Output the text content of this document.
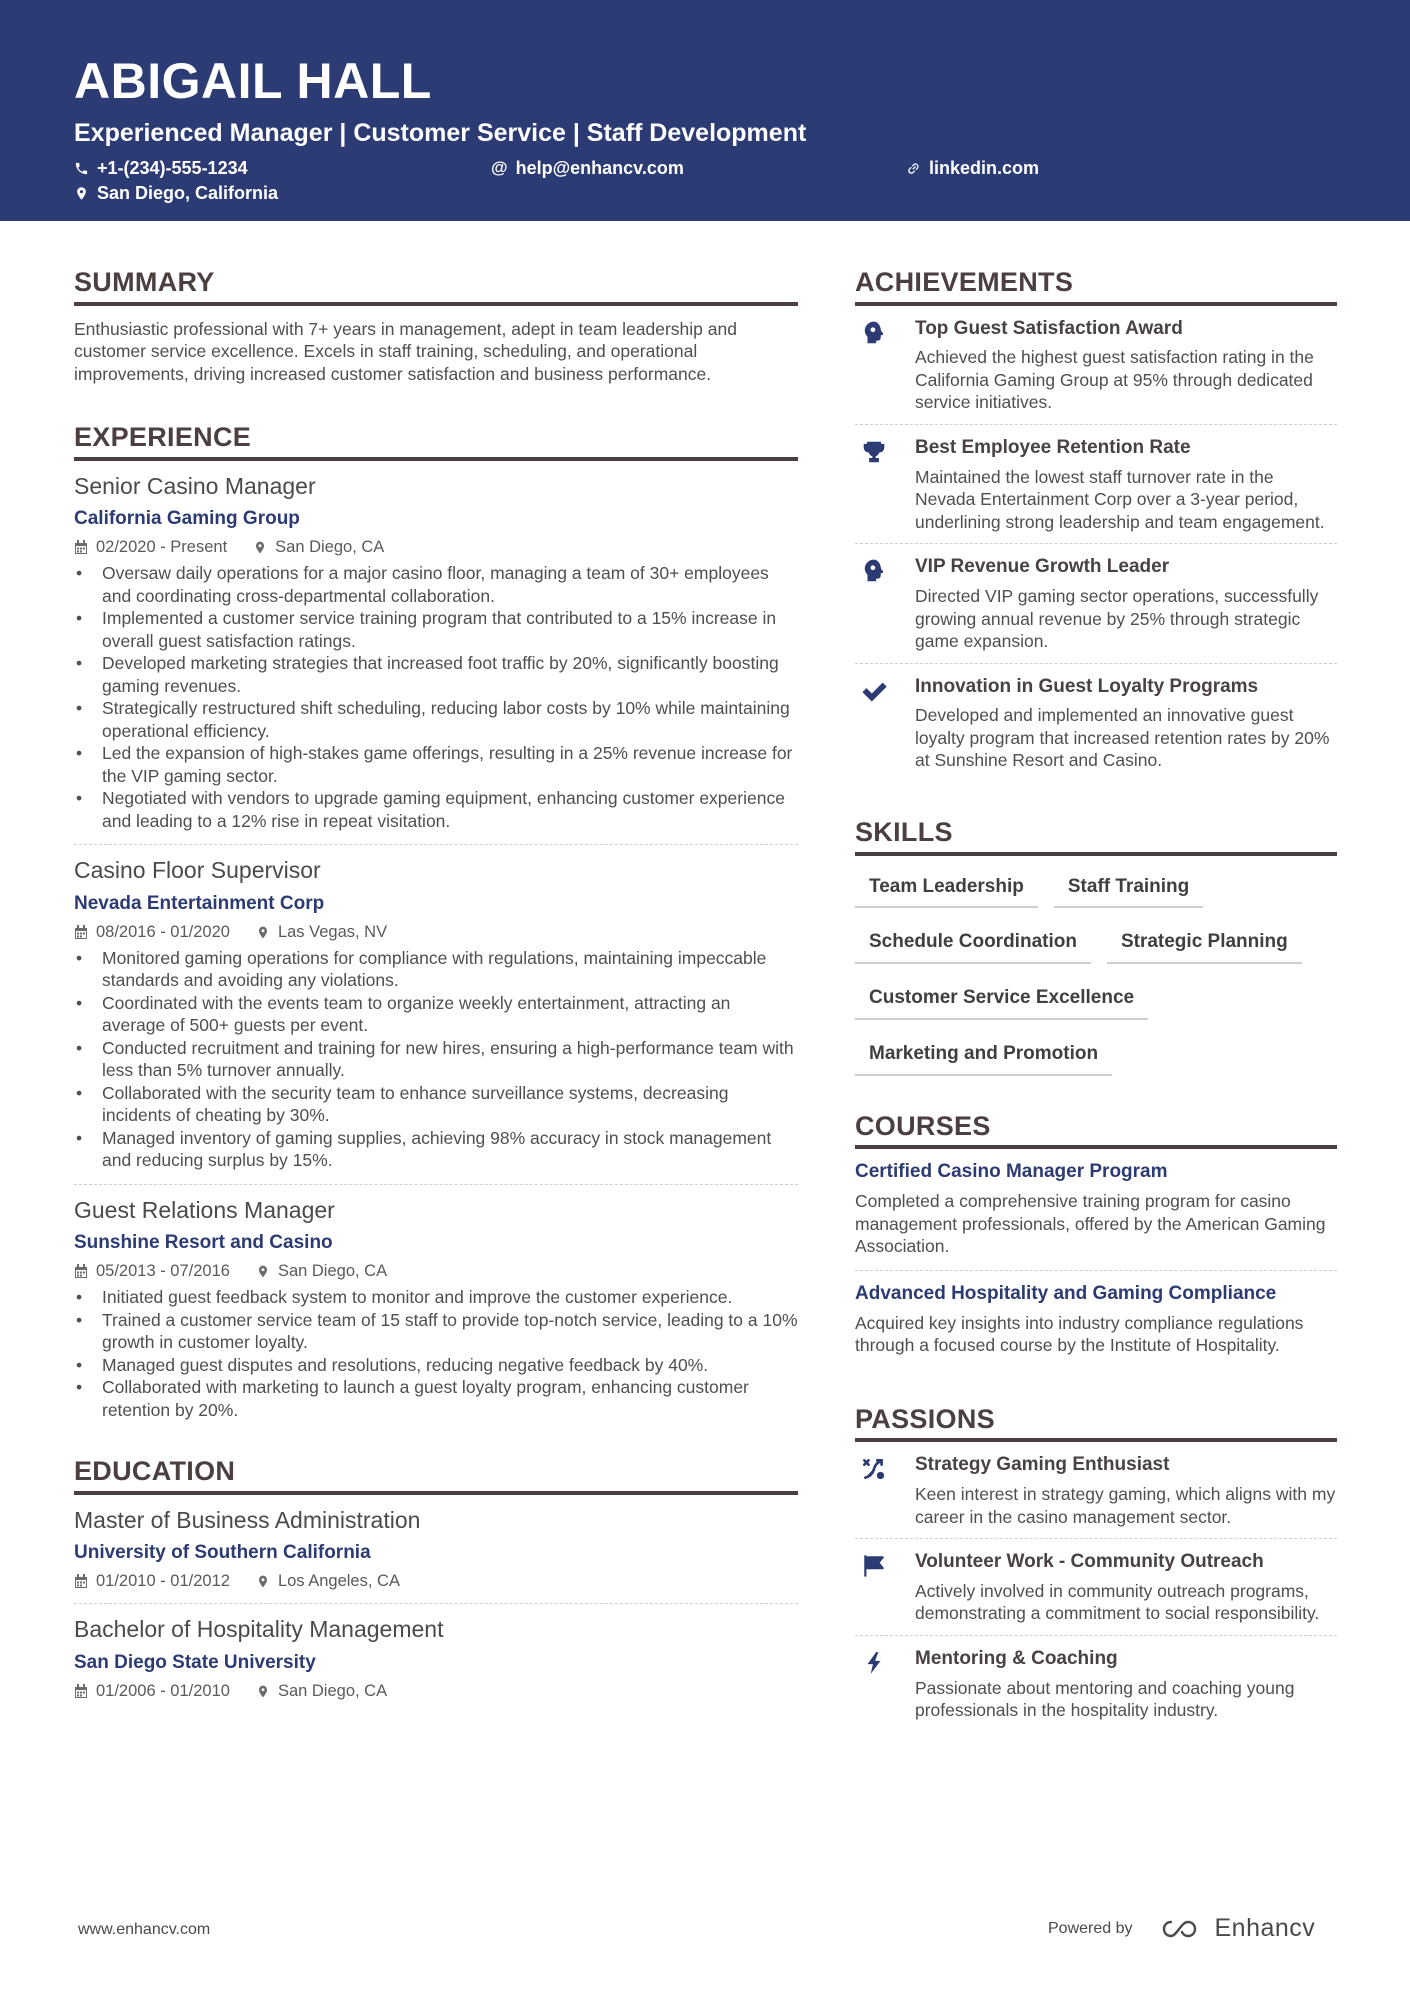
ABIGAIL HALL
Experienced Manager | Customer Service | Staff Development
+1-(234)-555-1234	@ help@enhancv.com	linkedin.com
San Diego, California
SUMMARY
Enthusiastic professional with 7+ years in management, adept in team leadership and customer service excellence. Excels in staff training, scheduling, and operational improvements, driving increased customer satisfaction and business performance.
EXPERIENCE
Senior Casino Manager
California Gaming Group
02/2020 - Present	San Diego, CA
• Oversaw daily operations for a major casino floor, managing a team of 30+ employees and coordinating cross-departmental collaboration.
• Implemented a customer service training program that contributed to a 15% increase in overall guest satisfaction ratings.
• Developed marketing strategies that increased foot traffic by 20%, significantly boosting gaming revenues.
• Strategically restructured shift scheduling, reducing labor costs by 10% while maintaining operational efficiency.
• Led the expansion of high-stakes game offerings, resulting in a 25% revenue increase for the VIP gaming sector.
• Negotiated with vendors to upgrade gaming equipment, enhancing customer experience and leading to a 12% rise in repeat visitation.
Casino Floor Supervisor
Nevada Entertainment Corp
08/2016 - 01/2020	Las Vegas, NV
• Monitored gaming operations for compliance with regulations, maintaining impeccable standards and avoiding any violations.
• Coordinated with the events team to organize weekly entertainment, attracting an average of 500+ guests per event.
• Conducted recruitment and training for new hires, ensuring a high-performance team with less than 5% turnover annually.
• Collaborated with the security team to enhance surveillance systems, decreasing incidents of cheating by 30%.
• Managed inventory of gaming supplies, achieving 98% accuracy in stock management and reducing surplus by 15%.
Guest Relations Manager
Sunshine Resort and Casino
05/2013 - 07/2016	San Diego, CA
• Initiated guest feedback system to monitor and improve the customer experience.
• Trained a customer service team of 15 staff to provide top-notch service, leading to a 10% growth in customer loyalty.
• Managed guest disputes and resolutions, reducing negative feedback by 40%.
• Collaborated with marketing to launch a guest loyalty program, enhancing customer retention by 20%.
EDUCATION
Master of Business Administration
University of Southern California
01/2010 - 01/2012	Los Angeles, CA
Bachelor of Hospitality Management
San Diego State University
01/2006 - 01/2010	San Diego, CA
ACHIEVEMENTS
Top Guest Satisfaction Award
Achieved the highest guest satisfaction rating in the California Gaming Group at 95% through dedicated service initiatives.
Best Employee Retention Rate
Maintained the lowest staff turnover rate in the Nevada Entertainment Corp over a 3-year period, underlining strong leadership and team engagement.
VIP Revenue Growth Leader
Directed VIP gaming sector operations, successfully growing annual revenue by 25% through strategic game expansion.
Innovation in Guest Loyalty Programs
Developed and implemented an innovative guest loyalty program that increased retention rates by 20% at Sunshine Resort and Casino.
SKILLS
Team Leadership	Staff Training
Schedule Coordination	Strategic Planning
Customer Service Excellence
Marketing and Promotion
COURSES
Certified Casino Manager Program
Completed a comprehensive training program for casino management professionals, offered by the American Gaming Association.
Advanced Hospitality and Gaming Compliance
Acquired key insights into industry compliance regulations through a focused course by the Institute of Hospitality.
PASSIONS
Strategy Gaming Enthusiast
Keen interest in strategy gaming, which aligns with my career in the casino management sector.
Volunteer Work - Community Outreach
Actively involved in community outreach programs, demonstrating a commitment to social responsibility.
Mentoring & Coaching
Passionate about mentoring and coaching young professionals in the hospitality industry.
www.enhancv.com	Powered by	Enhancv
